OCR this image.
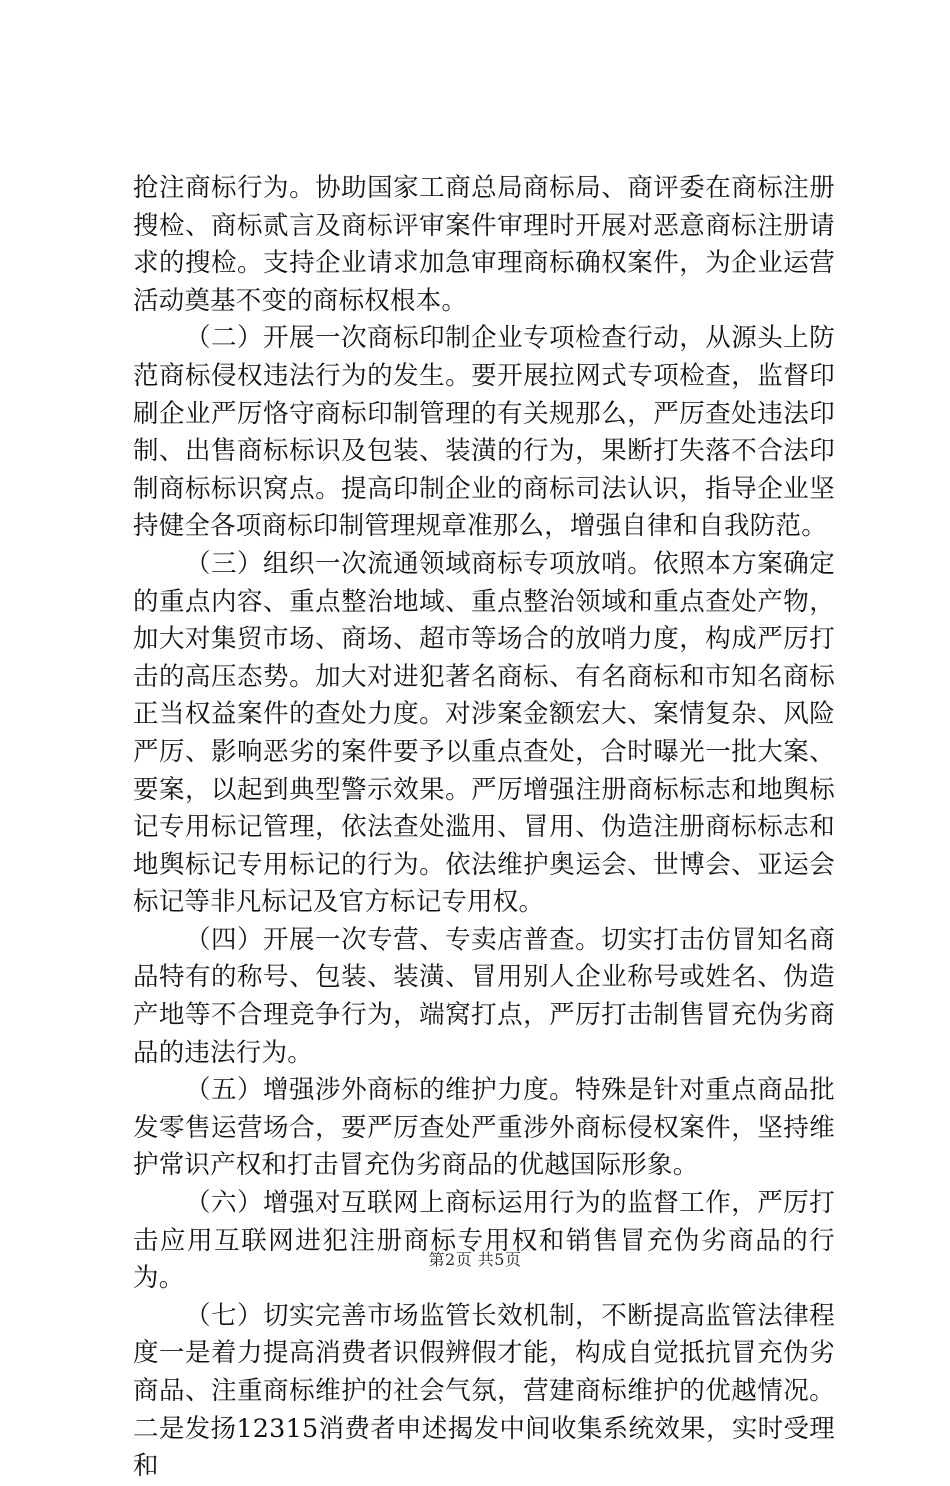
抢注商标行为。协助国家工商总局商标局、商评委在商标注册搜检、商标贰言及商标评审案件审理时开展对恶意商标注册请求的搜检。支持企业请求加急审理商标确权案件，为企业运营活动奠基不变的商标权根本。

（二）开展一次商标印制企业专项检查行动，从源头上防范商标侵权违法行为的发生。要开展拉网式专项检查，监督印刷企业严厉恪守商标印制管理的有关规那么，严厉查处违法印制、出售商标标识及包装、装潢的行为，果断打失落不合法印制商标标识窝点。提高印制企业的商标司法认识，指导企业坚持健全各项商标印制管理规章准那么，增强自律和自我防范。

（三）组织一次流通领域商标专项放哨。依照本方案确定的重点内容、重点整治地域、重点整治领域和重点查处产物，加大对集贸市场、商场、超市等场合的放哨力度，构成严厉打击的高压态势。加大对进犯著名商标、有名商标和市知名商标正当权益案件的查处力度。对涉案金额宏大、案情复杂、风险严厉、影响恶劣的案件要予以重点查处，合时曝光一批大案、要案，以起到典型警示效果。严厉增强注册商标标志和地舆标记专用标记管理，依法查处滥用、冒用、伪造注册商标标志和地舆标记专用标记的行为。依法维护奥运会、世博会、亚运会标记等非凡标记及官方标记专用权。

（四）开展一次专营、专卖店普查。切实打击仿冒知名商品特有的称号、包装、装潢、冒用别人企业称号或姓名、伪造产地等不合理竞争行为，端窝打点，严厉打击制售冒充伪劣商品的违法行为。

（五）增强涉外商标的维护力度。特殊是针对重点商品批发零售运营场合，要严厉查处严重涉外商标侵权案件，坚持维护常识产权和打击冒充伪劣商品的优越国际形象。

（六）增强对互联网上商标运用行为的监督工作，严厉打击应用互联网进犯注册商标专用权和销售冒充伪劣商品的行为。

（七）切实完善市场监管长效机制，不断提高监管法律程度一是着力提高消费者识假辨假才能，构成自觉抵抗冒充伪劣商品、注重商标维护的社会气氛，营建商标维护的优越情况。二是发扬12315消费者申述揭发中间收集系统效果，实时受理和

第2页 共5页
